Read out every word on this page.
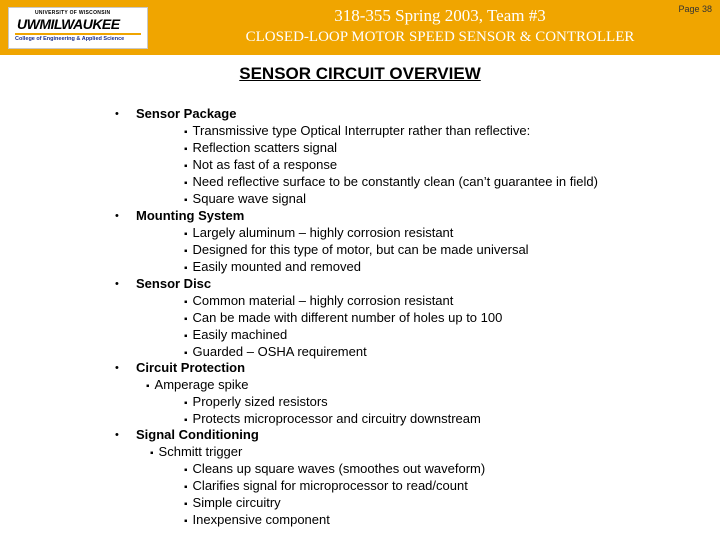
UNIVERSITY OF WISCONSIN
UWMILWAUKEE
College of Engineering & Applied Science
318-355 Spring 2003, Team #3
CLOSED-LOOP MOTOR SPEED SENSOR & CONTROLLER
Page 38
SENSOR CIRCUIT OVERVIEW
• Sensor Package
▪ Transmissive type Optical Interrupter rather than reflective:
▪ Reflection scatters signal
▪ Not as fast of a response
▪ Need reflective surface to be constantly clean (can’t guarantee in field)
▪ Square wave signal
• Mounting System
▪ Largely aluminum – highly corrosion resistant
▪ Designed for this type of motor, but can be made universal
▪ Easily mounted and removed
• Sensor Disc
▪ Common material – highly corrosion resistant
▪ Can be made with different number of holes up to 100
▪ Easily machined
▪ Guarded – OSHA requirement
• Circuit Protection
▪ Amperage spike
▪ Properly sized resistors
▪ Protects microprocessor and circuitry downstream
• Signal Conditioning
▪ Schmitt trigger
▪ Cleans up square waves (smoothes out waveform)
▪ Clarifies signal for microprocessor to read/count
▪ Simple circuitry
▪ Inexpensive component
